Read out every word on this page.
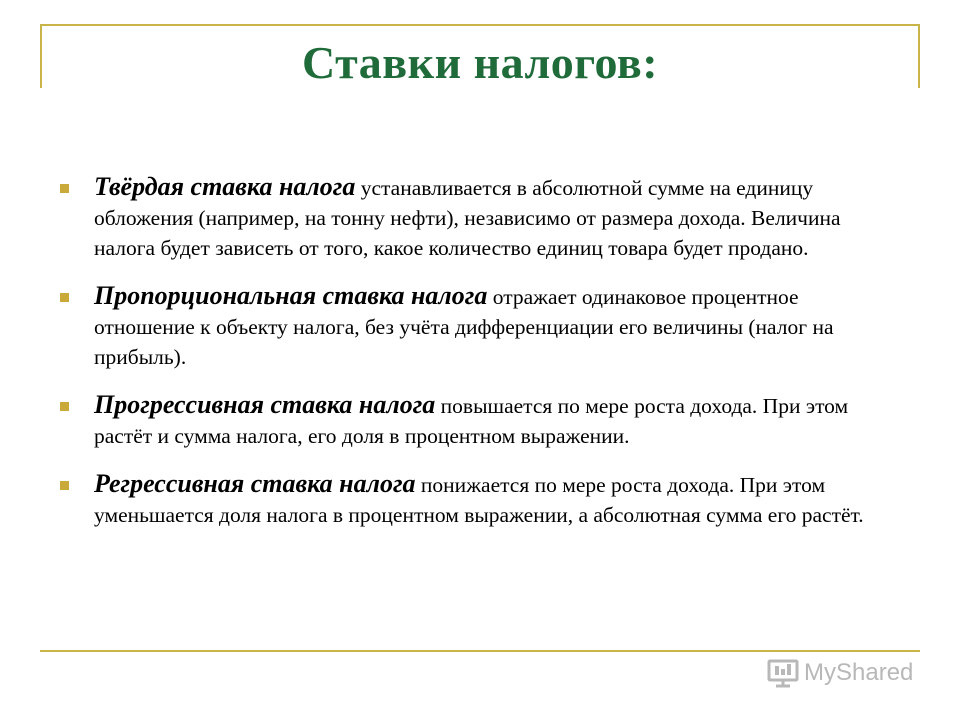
Ставки налогов:
Твёрдая ставка налога устанавливается в абсолютной сумме на единицу обложения (например, на тонну нефти), независимо от размера дохода. Величина налога будет зависеть от того, какое количество единиц товара будет продано.
Пропорциональная ставка налога отражает одинаковое процентное отношение к объекту налога, без учёта дифференциации его величины (налог на прибыль).
Прогрессивная ставка налога повышается по мере роста дохода. При этом растёт и сумма налога, его доля в процентном выражении.
Регрессивная ставка налога понижается по мере роста дохода. При этом уменьшается доля налога в процентном выражении, а абсолютная сумма его растёт.
MyShared
